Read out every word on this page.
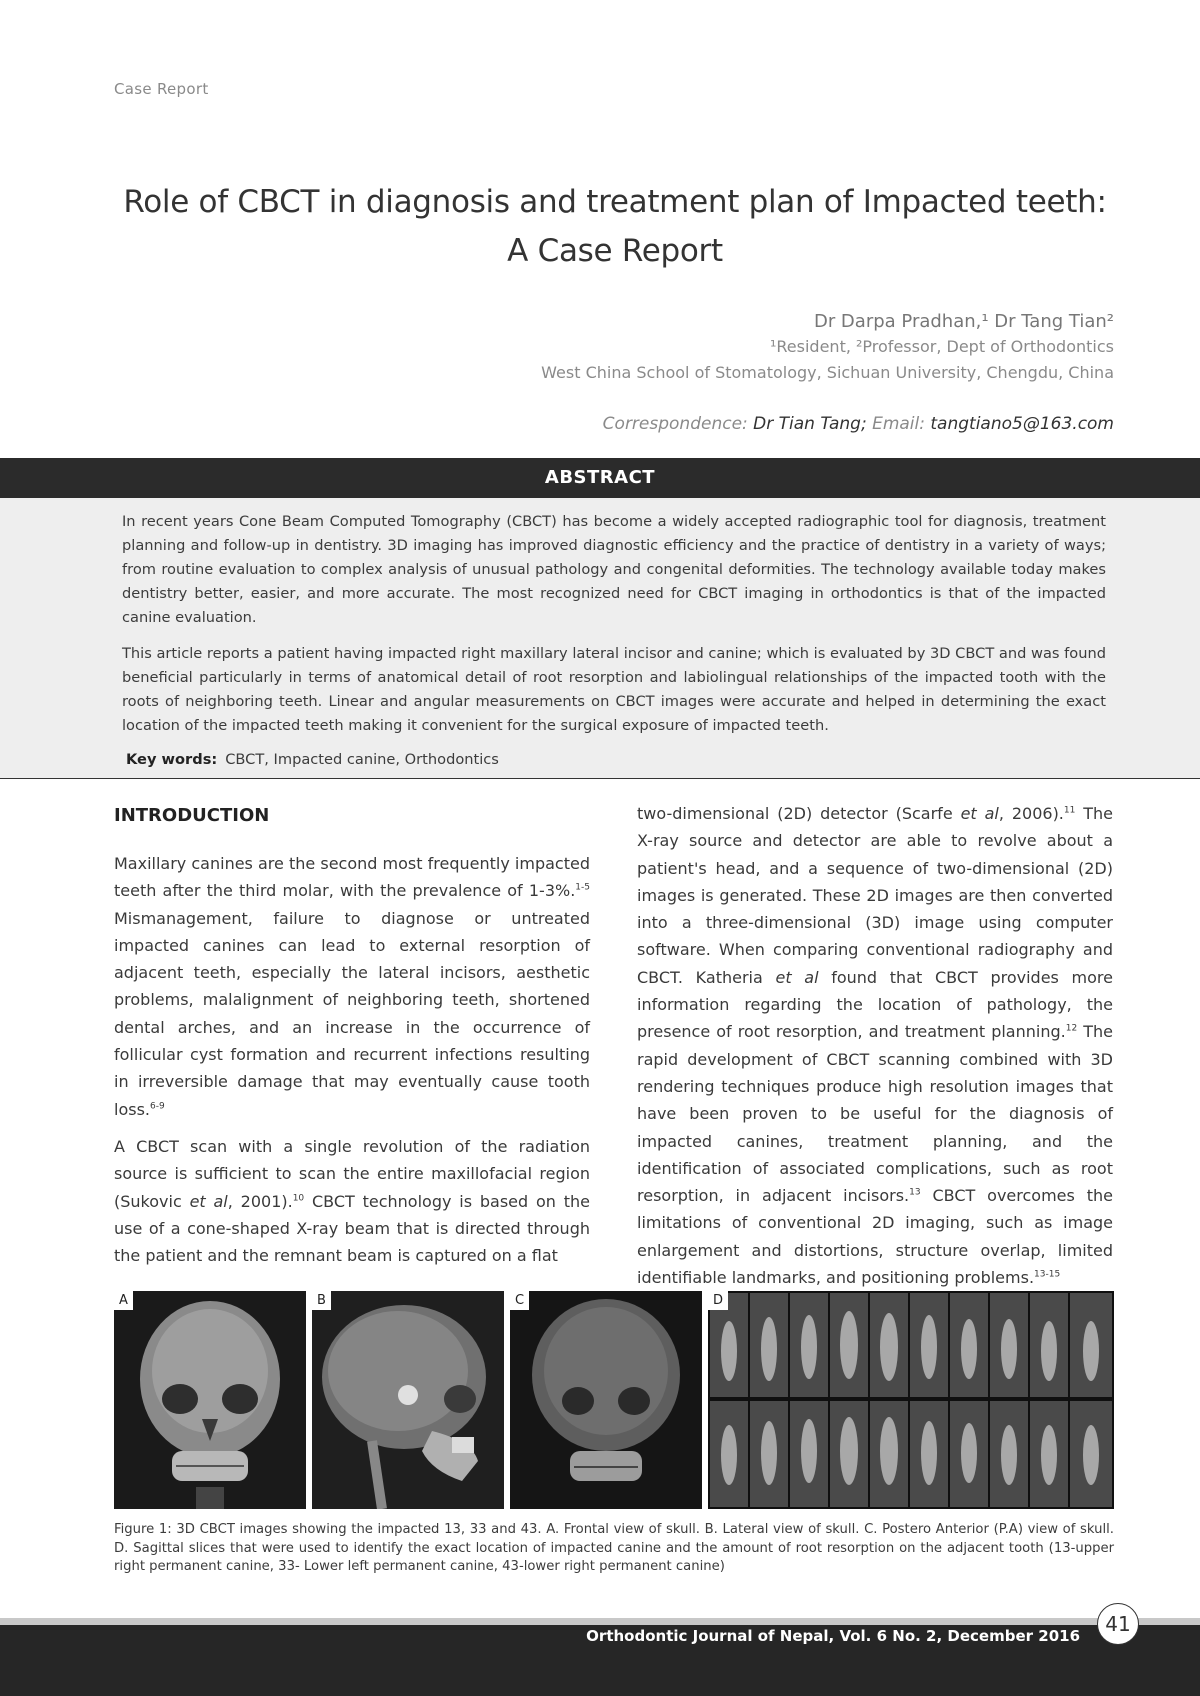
Case Report
Role of CBCT in diagnosis and treatment plan of Impacted teeth:
A Case Report
Dr Darpa Pradhan,¹ Dr Tang Tian²
¹Resident, ²Professor, Dept of Orthodontics
West China School of Stomatology, Sichuan University, Chengdu, China
Correspondence: Dr Tian Tang; Email: tangtiano5@163.com
ABSTRACT

In recent years Cone Beam Computed Tomography (CBCT) has become a widely accepted radiographic tool for diagnosis, treatment planning and follow-up in dentistry. 3D imaging has improved diagnostic efficiency and the practice of dentistry in a variety of ways; from routine evaluation to complex analysis of unusual pathology and congenital deformities. The technology available today makes dentistry better, easier, and more accurate. The most recognized need for CBCT imaging in orthodontics is that of the impacted canine evaluation.

This article reports a patient having impacted right maxillary lateral incisor and canine; which is evaluated by 3D CBCT and was found beneficial particularly in terms of anatomical detail of root resorption and labiolingual relationships of the impacted tooth with the roots of neighboring teeth. Linear and angular measurements on CBCT images were accurate and helped in determining the exact location of the impacted teeth making it convenient for the surgical exposure of impacted teeth.

Key words: CBCT, Impacted canine, Orthodontics
INTRODUCTION

Maxillary canines are the second most frequently impacted teeth after the third molar, with the prevalence of 1-3%.$^{1-5}$ Mismanagement, failure to diagnose or untreated impacted canines can lead to external resorption of adjacent teeth, especially the lateral incisors, aesthetic problems, malalignment of neighboring teeth, shortened dental arches, and an increase in the occurrence of follicular cyst formation and recurrent infections resulting in irreversible damage that may eventually cause tooth loss.$^{6-9}$

A CBCT scan with a single revolution of the radiation source is sufficient to scan the entire maxillofacial region (Sukovic et al, 2001).$^{10}$ CBCT technology is based on the use of a cone-shaped X-ray beam that is directed through the patient and the remnant beam is captured on a flat

two-dimensional (2D) detector (Scarfe et al, 2006).$^{11}$ The X-ray source and detector are able to revolve about a patient's head, and a sequence of two-dimensional (2D) images is generated. These 2D images are then converted into a three-dimensional (3D) image using computer software. When comparing conventional radiography and CBCT. Katheria et al found that CBCT provides more information regarding the location of pathology, the presence of root resorption, and treatment planning.$^{12}$ The rapid development of CBCT scanning combined with 3D rendering techniques produce high resolution images that have been proven to be useful for the diagnosis of impacted canines, treatment planning, and the identification of associated complications, such as root resorption, in adjacent incisors.$^{13}$ CBCT overcomes the limitations of conventional 2D imaging, such as image enlargement and distortions, structure overlap, limited identifiable landmarks, and positioning problems.$^{13-15}$

A	B	C	D
Figure 1: 3D CBCT images showing the impacted 13, 33 and 43. A. Frontal view of skull. B. Lateral view of skull. C. Postero Anterior (P.A) view of skull. D. Sagittal slices that were used to identify the exact location of impacted canine and the amount of root resorption on the adjacent tooth (13-upper right permanent canine, 33- Lower left permanent canine, 43-lower right permanent canine)
Orthodontic Journal of Nepal, Vol. 6 No. 2, December 2016	41
